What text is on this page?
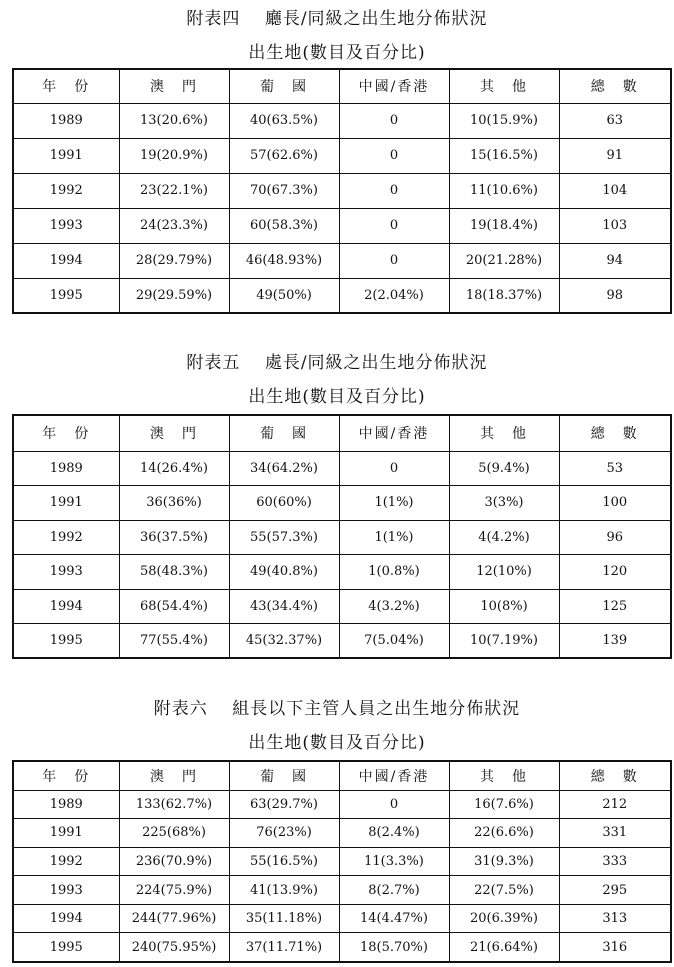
附表四　 廳長/同級之出生地分佈狀況
出生地(數目及百分比)
年　份	澳　門	葡　國	中國/香港	其　他	總　數
1989	13(20.6%)	40(63.5%)	0	10(15.9%)	63
1991	19(20.9%)	57(62.6%)	0	15(16.5%)	91
1992	23(22.1%)	70(67.3%)	0	11(10.6%)	104
1993	24(23.3%)	60(58.3%)	0	19(18.4%)	103
1994	28(29.79%)	46(48.93%)	0	20(21.28%)	94
1995	29(29.59%)	49(50%)	2(2.04%)	18(18.37%)	98
附表五　 處長/同級之出生地分佈狀況
出生地(數目及百分比)
年　份	澳　門	葡　國	中國/香港	其　他	總　數
1989	14(26.4%)	34(64.2%)	0	5(9.4%)	53
1991	36(36%)	60(60%)	1(1%)	3(3%)	100
1992	36(37.5%)	55(57.3%)	1(1%)	4(4.2%)	96
1993	58(48.3%)	49(40.8%)	1(0.8%)	12(10%)	120
1994	68(54.4%)	43(34.4%)	4(3.2%)	10(8%)	125
1995	77(55.4%)	45(32.37%)	7(5.04%)	10(7.19%)	139
附表六　 組長以下主管人員之出生地分佈狀況
出生地(數目及百分比)
年　份	澳　門	葡　國	中國/香港	其　他	總　數
1989	133(62.7%)	63(29.7%)	0	16(7.6%)	212
1991	225(68%)	76(23%)	8(2.4%)	22(6.6%)	331
1992	236(70.9%)	55(16.5%)	11(3.3%)	31(9.3%)	333
1993	224(75.9%)	41(13.9%)	8(2.7%)	22(7.5%)	295
1994	244(77.96%)	35(11.18%)	14(4.47%)	20(6.39%)	313
1995	240(75.95%)	37(11.71%)	18(5.70%)	21(6.64%)	316
